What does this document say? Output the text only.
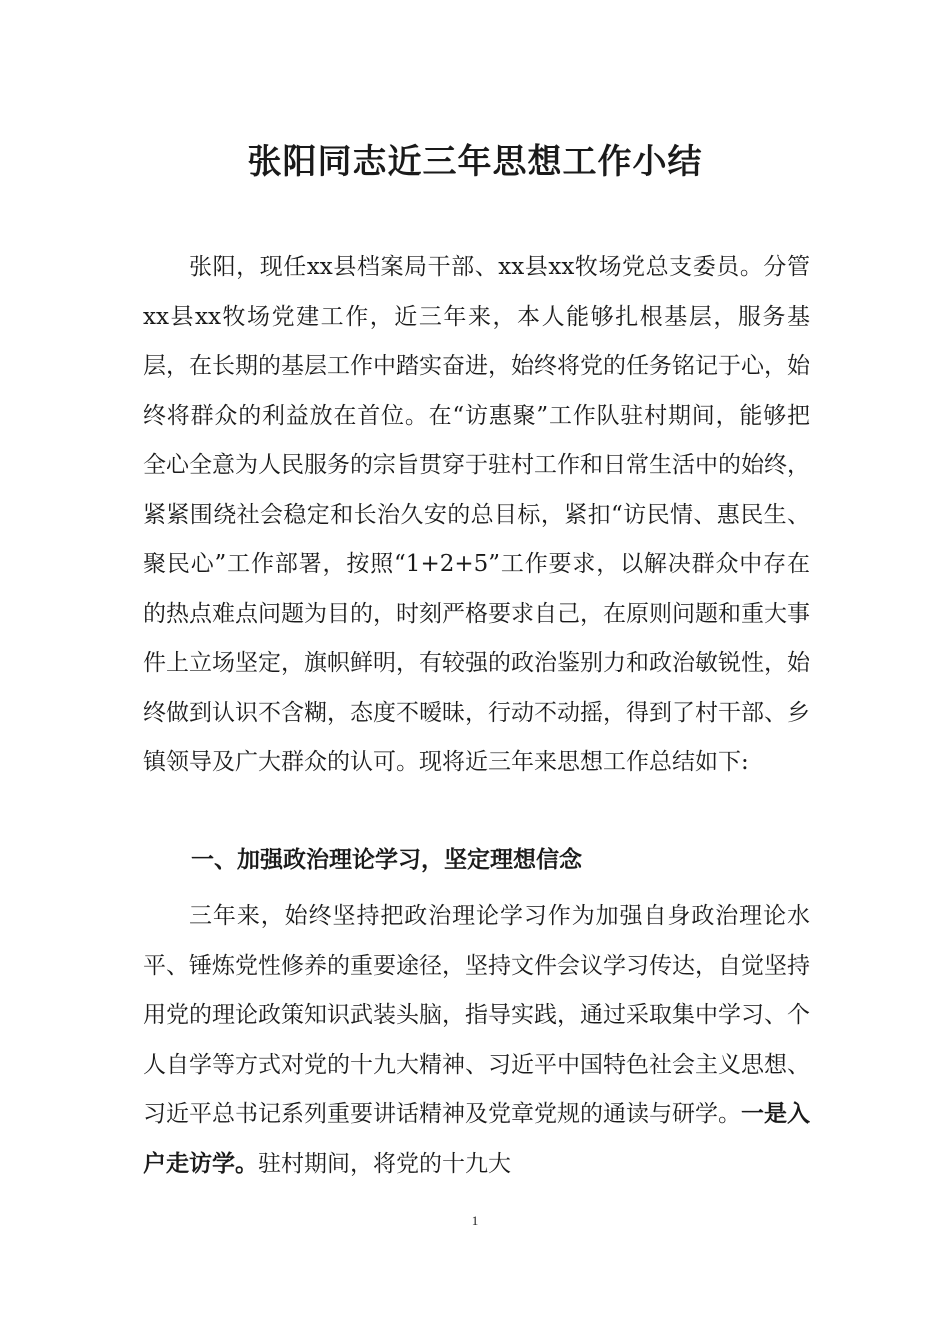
张阳同志近三年思想工作小结

张阳，现任xx县档案局干部、xx县xx牧场党总支委员。分管xx县xx牧场党建工作，近三年来，本人能够扎根基层，服务基层，在长期的基层工作中踏实奋进，始终将党的任务铭记于心，始终将群众的利益放在首位。在“访惠聚”工作队驻村期间，能够把全心全意为人民服务的宗旨贯穿于驻村工作和日常生活中的始终，紧紧围绕社会稳定和长治久安的总目标，紧扣“访民情、惠民生、聚民心”工作部署，按照“1+2+5”工作要求，以解决群众中存在的热点难点问题为目的，时刻严格要求自己，在原则问题和重大事件上立场坚定，旗帜鲜明，有较强的政治鉴别力和政治敏锐性，始终做到认识不含糊，态度不暧昧，行动不动摇，得到了村干部、乡镇领导及广大群众的认可。现将近三年来思想工作总结如下:

一、加强政治理论学习，坚定理想信念

三年来，始终坚持把政治理论学习作为加强自身政治理论水平、锤炼党性修养的重要途径，坚持文件会议学习传达，自觉坚持用党的理论政策知识武装头脑，指导实践，通过采取集中学习、个人自学等方式对党的十九大精神、习近平中国特色社会主义思想、习近平总书记系列重要讲话精神及党章党规的通读与研学。一是入户走访学。驻村期间，将党的十九大

1
